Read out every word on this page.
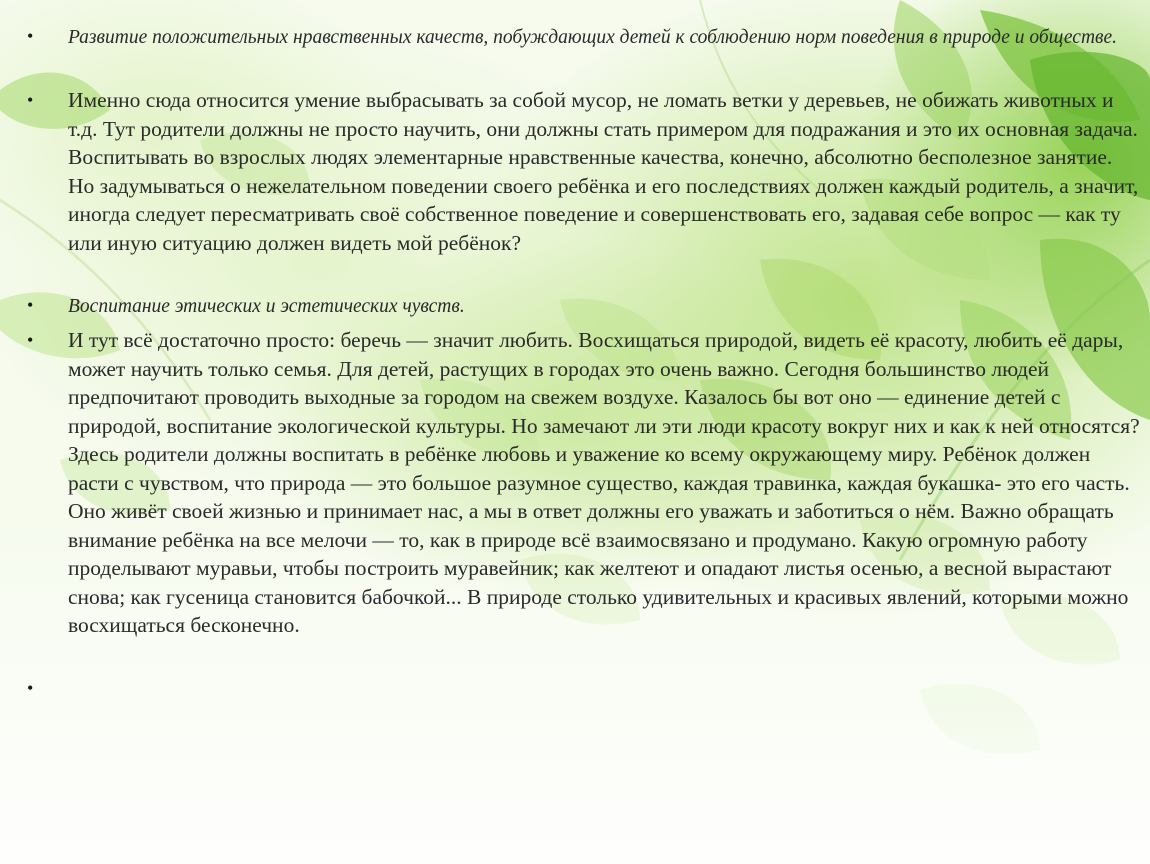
• Развитие положительных нравственных качеств, побуждающих детей к соблюдению норм поведения в природе и обществе.

• Именно сюда относится умение выбрасывать за собой мусор, не ломать ветки у деревьев, не обижать животных и т.д. Тут родители должны не просто научить, они должны стать примером для подражания и это их основная задача. Воспитывать во взрослых людях элементарные нравственные качества, конечно, абсолютно бесполезное занятие. Но задумываться о нежелательном поведении своего ребёнка и его последствиях должен каждый родитель, а значит, иногда следует пересматривать своё собственное поведение и совершенствовать его, задавая себе вопрос — как ту или иную ситуацию должен видеть мой ребёнок?

• Воспитание этических и эстетических чувств.

• И тут всё достаточно просто: беречь — значит любить. Восхищаться природой, видеть её красоту, любить её дары, может научить только семья. Для детей, растущих в городах это очень важно. Сегодня большинство людей предпочитают проводить выходные за городом на свежем воздухе. Казалось бы вот оно — единение детей с природой, воспитание экологической культуры. Но замечают ли эти люди красоту вокруг них и как к ней относятся? Здесь родители должны воспитать в ребёнке любовь и уважение ко всему окружающему миру. Ребёнок должен расти с чувством, что природа — это большое разумное существо, каждая травинка, каждая букашка- это его часть. Оно живёт своей жизнью и принимает нас, а мы в ответ должны его уважать и заботиться о нём. Важно обращать внимание ребёнка на все мелочи — то, как в природе всё взаимосвязано и продумано. Какую огромную работу проделывают муравьи, чтобы построить муравейник; как желтеют и опадают листья осенью, а весной вырастают снова; как гусеница становится бабочкой... В природе столько удивительных и красивых явлений, которыми можно восхищаться бесконечно.

•
